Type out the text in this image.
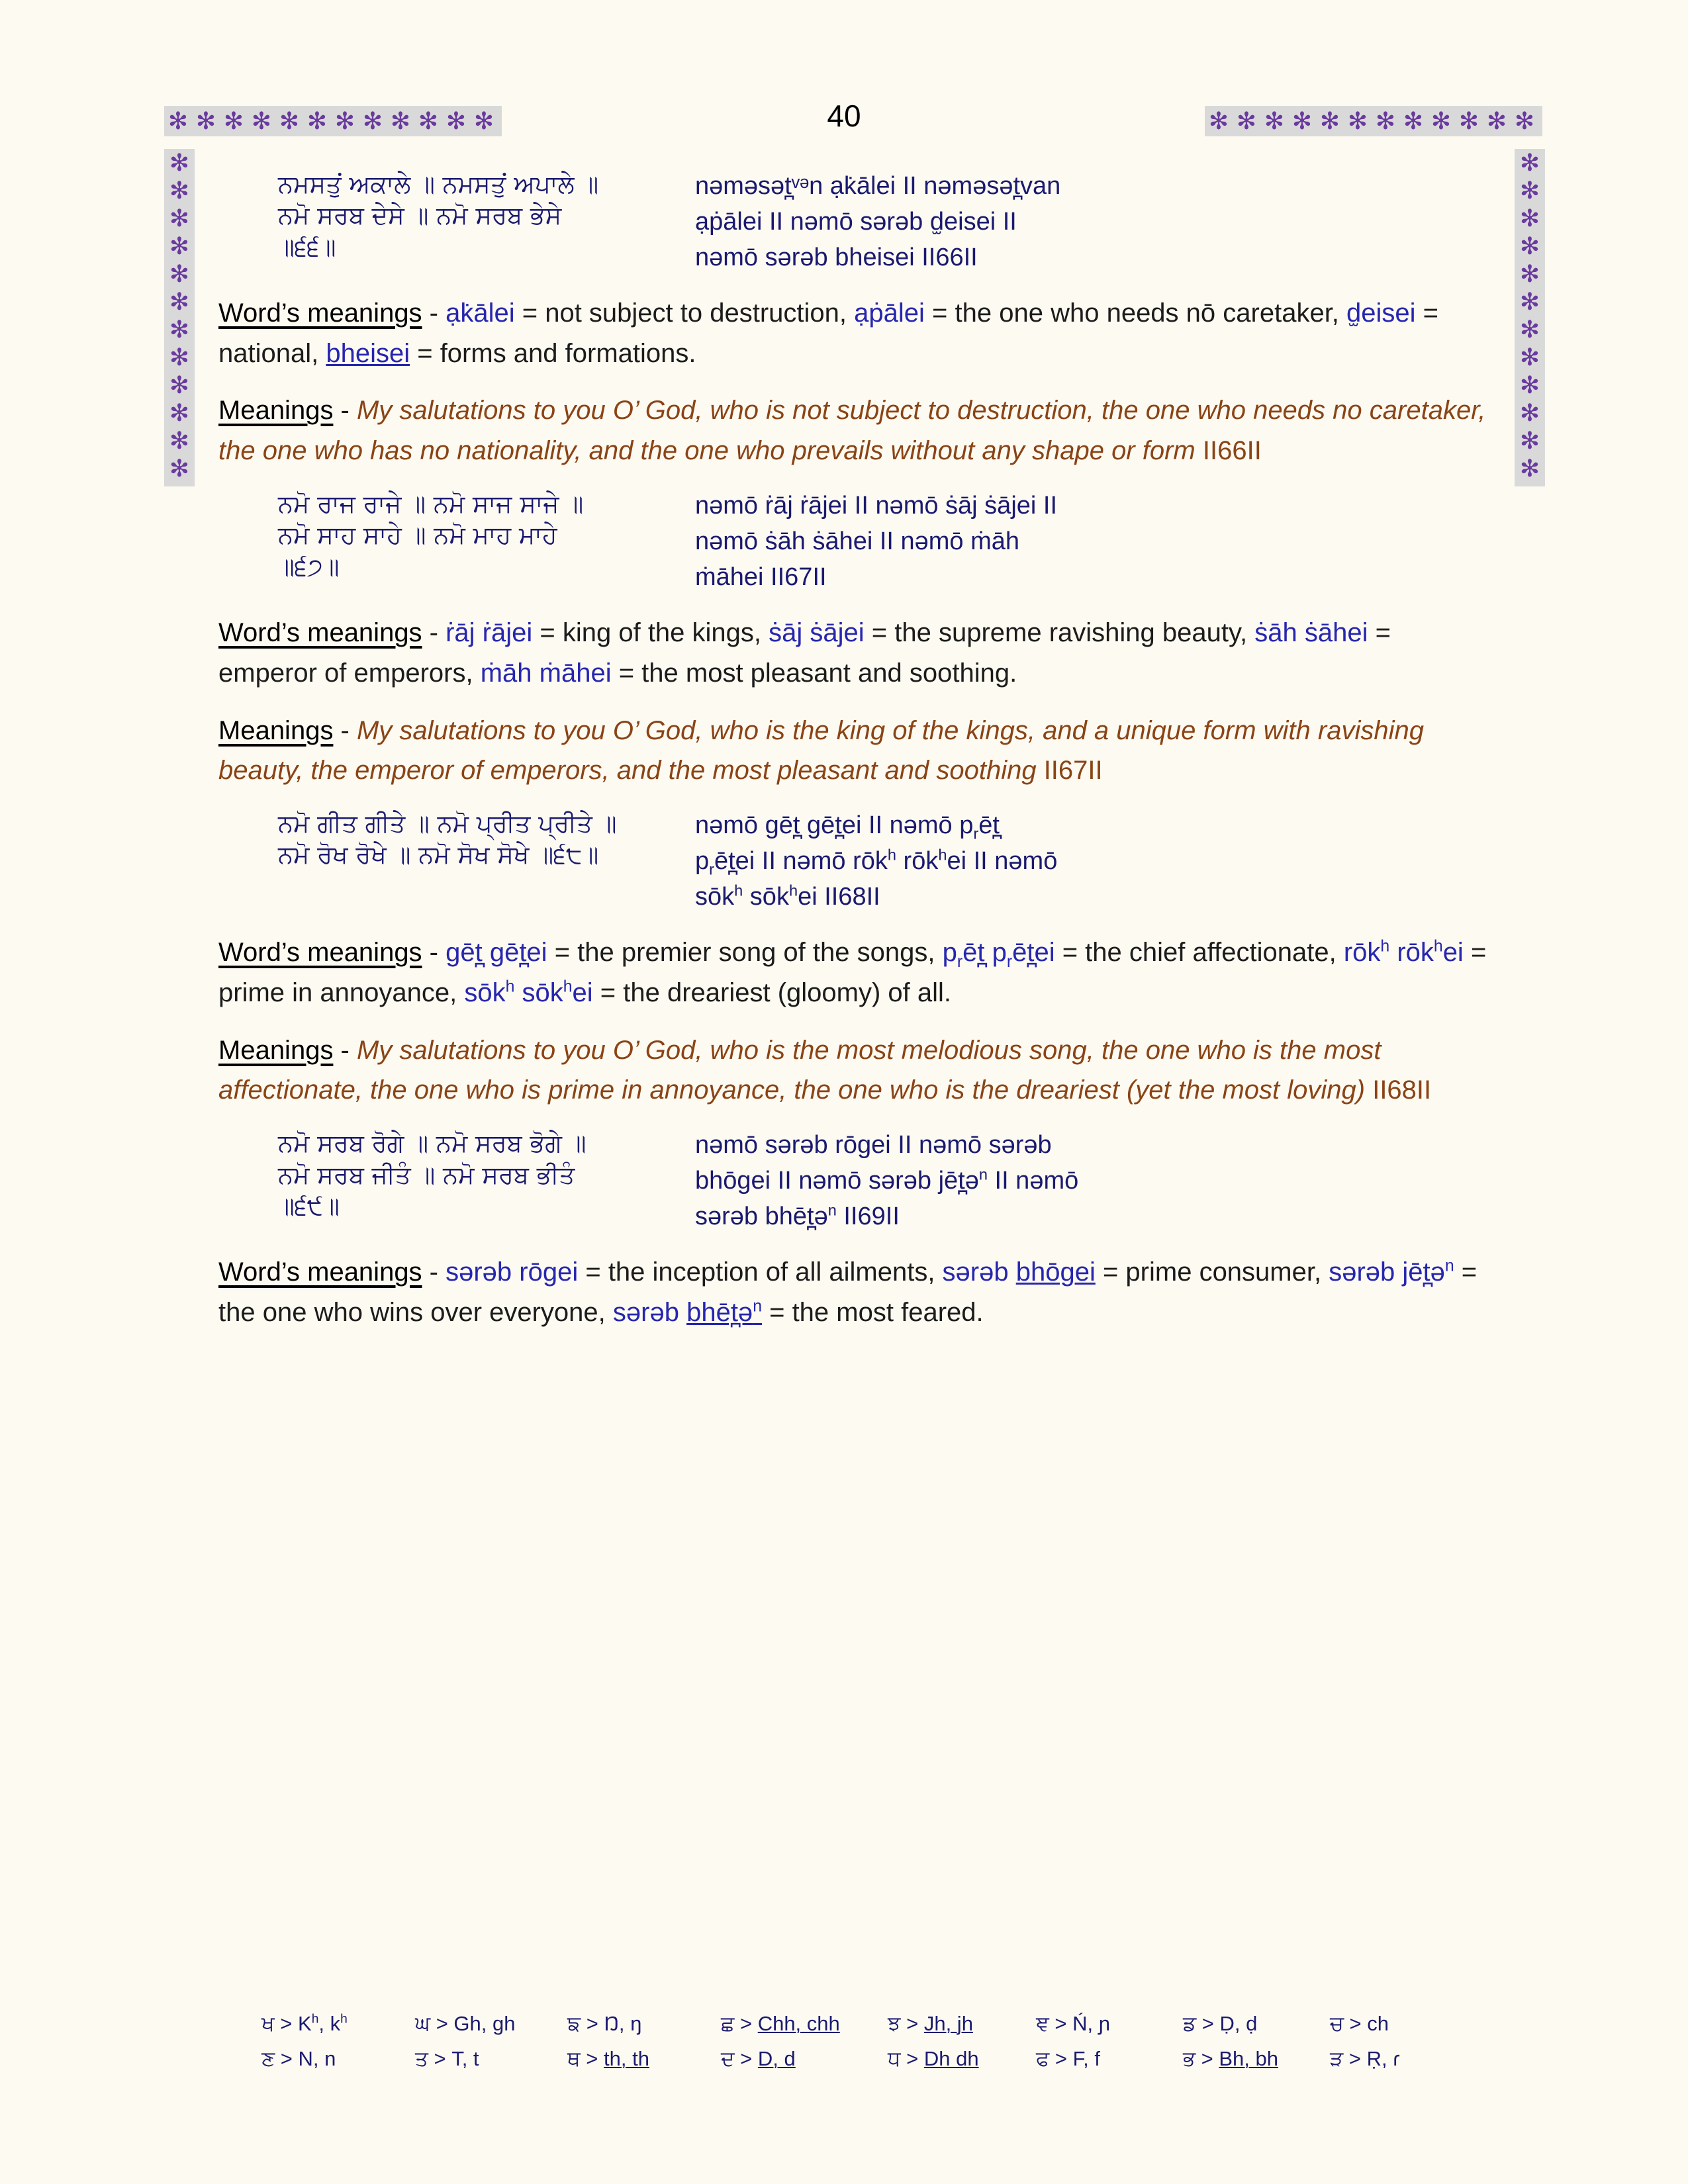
✻ ✻ ✻ ✻ ✻ ✻ ✻ ✻ ✻ ✻ ✻ ✻	✻ ✻ ✻ ✻ ✻ ✻ ✻ ✻ ✻ ✻ ✻ ✻
✻
✻
✻
✻
✻
✻
✻
✻
✻
✻
✻
✻
✻
✻
✻
✻
✻
✻
✻
✻
✻
✻
✻
✻
40
ਨਮਸਤੁਂ ਅਕਾਲੇ ॥ ਨਮਸਤੁਂ ਅਪਾਲੇ ॥
ਨਮੋ ਸਰਬ ਦੇਸੇ ॥ ਨਮੋ ਸਰਬ ਭੇਸੇ
॥੬੬॥
nəməsət̪ᵛᵊn ạk̇ālei II nəməsət̪van
ạṗālei II nəmō sərəb d̫eisei II
nəmō sərəb bheisei II66II
Word’s meanings - ạk̇ālei = not subject to destruction, ạṗālei = the one who needs nō caretaker, d̫eisei = national, bheisei = forms and formations.
Meanings - My salutations to you O’ God, who is not subject to destruction, the one who needs no caretaker, the one who has no nationality, and the one who prevails without any shape or form II66II
ਨਮੋ ਰਾਜ ਰਾਜੇ ॥ ਨਮੋ ਸਾਜ ਸਾਜੇ ॥
ਨਮੋ ਸਾਹ ਸਾਹੇ ॥ ਨਮੋ ਮਾਹ ਮਾਹੇ
॥੬੭॥
nəmō ṙāj ṙājei II nəmō ṡāj ṡājei II
nəmō ṡāh ṡāhei II nəmō ṁāh
ṁāhei II67II
Word’s meanings - ṙāj ṙājei = king of the kings, ṡāj ṡājei = the supreme ravishing beauty, ṡāh ṡāhei = emperor of emperors, ṁāh ṁāhei = the most pleasant and soothing.
Meanings - My salutations to you O’ God, who is the king of the kings, and a unique form with ravishing beauty, the emperor of emperors, and the most pleasant and soothing II67II
ਨਮੋ ਗੀਤ ਗੀਤੇ ॥ ਨਮੋ ਪ੍ਰੀਤ ਪ੍ਰੀਤੇ ॥
ਨਮੋ ਰੋਖ ਰੋਖੇ ॥ ਨਮੋ ਸੋਖ ਸੋਖੇ ॥੬੮॥
nəmō gēt̪ gēt̪ei II nəmō $p_rēt̪$
$p_rēt̪ei$ II nəmō rōk$^h$ rōk$^h$ei II nəmō
sōk$^h$ sōk$^h$ei II68II
Word’s meanings - gēt̪ gēt̪ei = the premier song of the songs, $p_rēt̪$ $p_rēt̪ei$ = the chief affectionate, rōk$^h$ rōk$^h$ei = prime in annoyance, sōk$^h$ sōk$^h$ei = the dreariest (gloomy) of all.
Meanings - My salutations to you O’ God, who is the most melodious song, the one who is the most affectionate, the one who is prime in annoyance, the one who is the dreariest (yet the most loving) II68II
ਨਮੋ ਸਰਬ ਰੋਗੇ ॥ ਨਮੋ ਸਰਬ ਭੋਗੇ ॥
ਨਮੋ ਸਰਬ ਜੀਤੰ ॥ ਨਮੋ ਸਰਬ ਭੀਤੰ
॥੬੯॥
nəmō sərəb rōgei II nəmō sərəb
bhōgei II nəmō sərəb jēt̪ə$^n$ II nəmō
sərəb bhēt̪ə$^n$ II69II
Word’s meanings - sərəb rōgei = the inception of all ailments, sərəb bhōgei = prime consumer, sərəb jēt̪ə$^n$ = the one who wins over everyone, sərəb bhēt̪ə$^n$ = the most feared.
ਖ > $K^h$, $k^h$	ਘ > Gh, gh	ਙ > Ŋ, ŋ	ਛ > Chh, chh	ਝ > Jh, jh	ਞ > Ń, ɲ	ਡ > Ḍ, ḍ	ਚ > ch
ਣ > N, n	ਤ > T, t	ਥ > th, th	ਦ > D, d	ਧ > Dh dh	ਫ > F, f	ਭ > Bh, bh	ੜ > Ṛ, ɾ
